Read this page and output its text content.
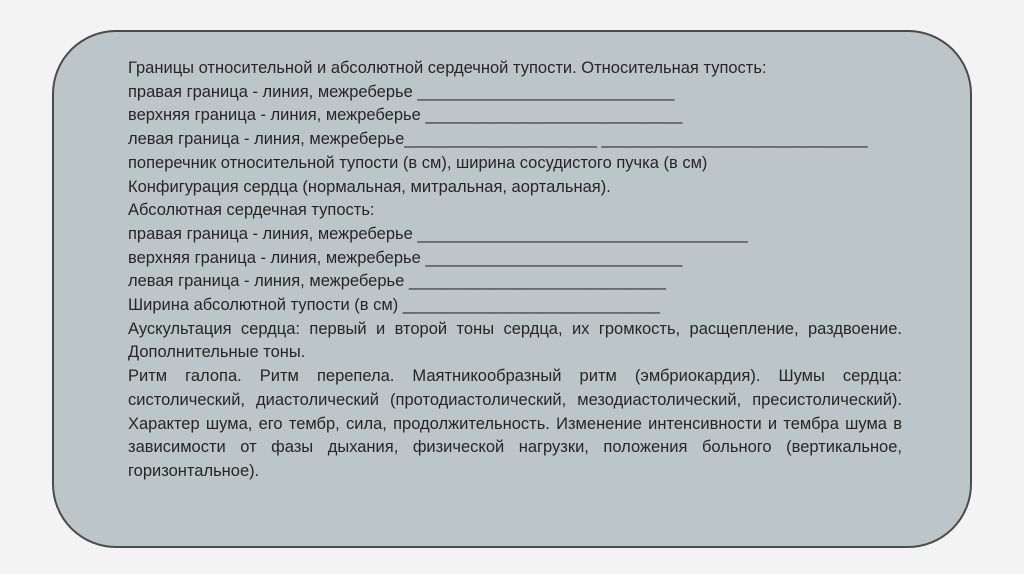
Границы относительной и абсолютной сердечной тупости. Относительная тупость:
правая граница - линия, межреберье ____________________________
верхняя граница - линия, межреберье ____________________________
левая граница - линия, межреберье_____________________ _____________________________
поперечник относительной тупости (в см), ширина сосудистого пучка (в см)
Конфигурация сердца (нормальная, митральная, аортальная).
Абсолютная сердечная тупость:
правая граница - линия, межреберье ____________________________________
верхняя граница - линия, межреберье ____________________________
левая граница - линия, межреберье ____________________________
Ширина абсолютной тупости (в см) ____________________________
Аускультация сердца: первый и второй тоны сердца, их громкость, расщепление, раздвоение. Дополнительные тоны.
Ритм галопа. Ритм перепела. Маятникообразный ритм (эмбриокардия). Шумы сердца: систолический, диастолический (протодиастолический, мезодиастолический, пресистолический). Характер шума, его тембр, сила, продолжительность. Изменение интенсивности и тембра шума в зависимости от фазы дыхания, физической нагрузки, положения больного (вертикальное, горизонтальное).
